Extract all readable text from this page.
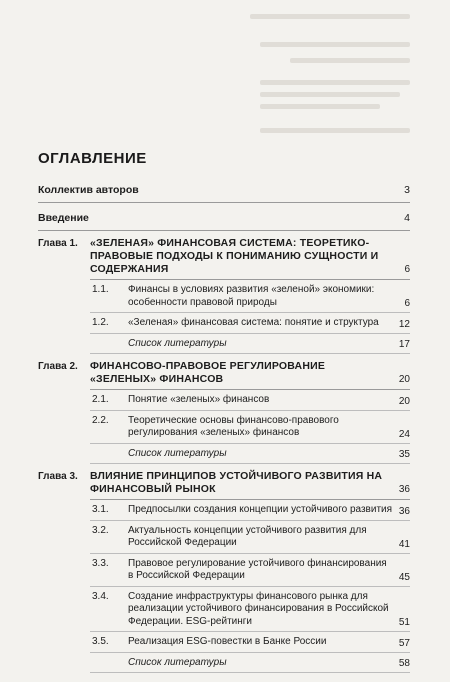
ОГЛАВЛЕНИЕ
Коллектив авторов	3
Введение	4
Глава 1.	«ЗЕЛЕНАЯ» ФИНАНСОВАЯ СИСТЕМА: ТЕОРЕТИКО-ПРАВОВЫЕ ПОДХОДЫ К ПОНИМАНИЮ СУЩНОСТИ И СОДЕРЖАНИЯ	6
1.1.	Финансы в условиях развития «зеленой» экономики: особенности правовой природы	6
1.2.	«Зеленая» финансовая система: понятие и структура	12
Список литературы	17
Глава 2.	ФИНАНСОВО-ПРАВОВОЕ РЕГУЛИРОВАНИЕ «ЗЕЛЕНЫХ» ФИНАНСОВ	20
2.1.	Понятие «зеленых» финансов	20
2.2.	Теоретические основы финансово-правового регулирования «зеленых» финансов	24
Список литературы	35
Глава 3.	ВЛИЯНИЕ ПРИНЦИПОВ УСТОЙЧИВОГО РАЗВИТИЯ НА ФИНАНСОВЫЙ РЫНОК	36
3.1.	Предпосылки создания концепции устойчивого развития 36
3.2.	Актуальность концепции устойчивого развития для Российской Федерации	41
3.3.	Правовое регулирование устойчивого финансирования в Российской Федерации	45
3.4.	Создание инфраструктуры финансового рынка для реализации устойчивого финансирования в Российской Федерации. ESG-рейтинги	51
3.5.	Реализация ESG-повестки в Банке России	57
Список литературы	58
